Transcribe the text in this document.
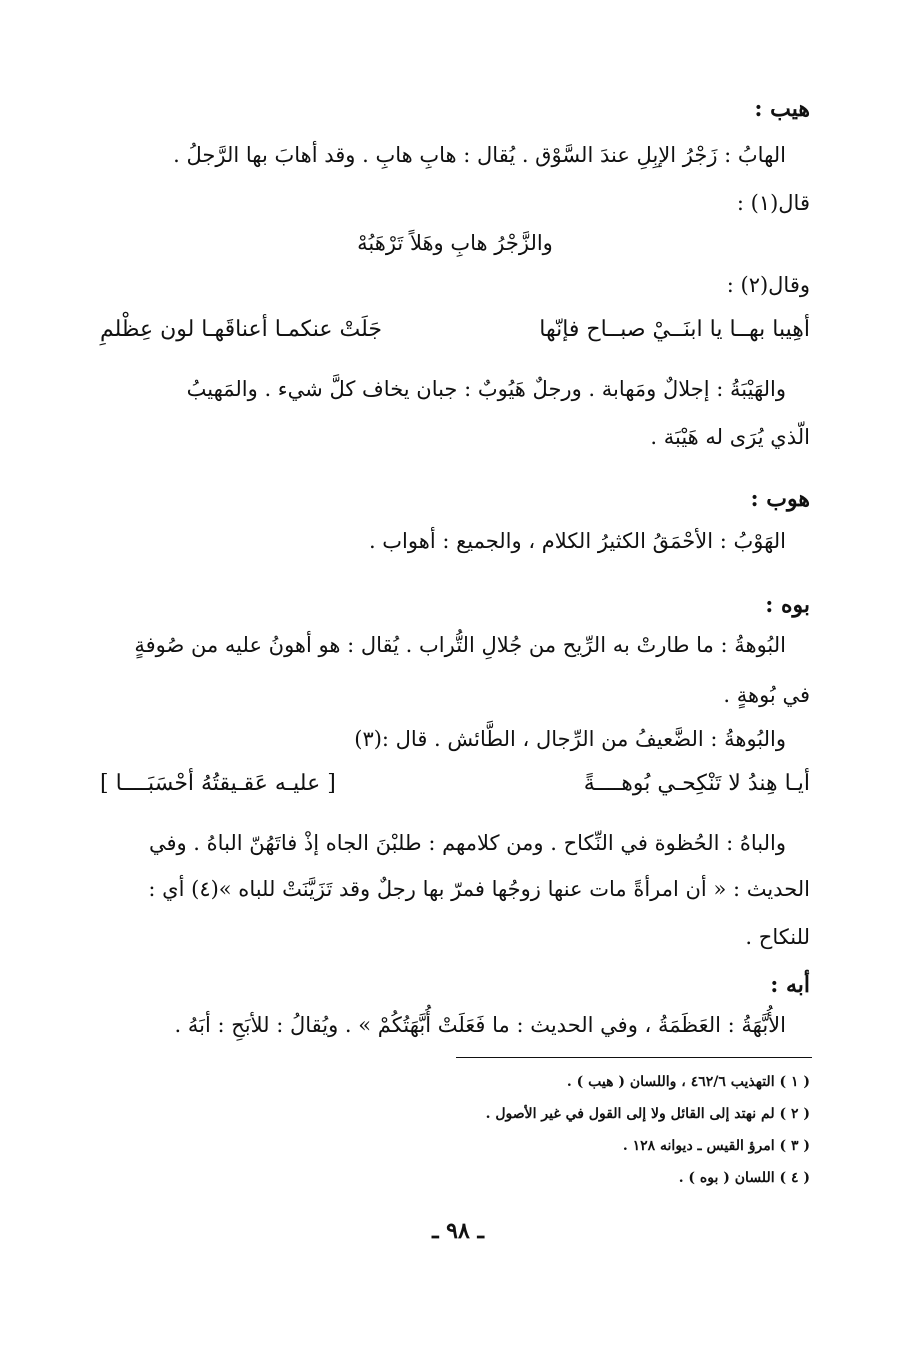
هيب :
الهابُ : زَجْرُ الإبِلِ عندَ السَّوْق . يُقال : هابِ هابِ . وقد أهابَ بها الرَّجلُ .
قال(١) :
والزَّجْرُ هابِ وهَلاً تَرْهَبُهْ
وقال(٢) :
أهِيبا بهــا يا ابنَــيْ صبــاح فإنّها
جَلَتْ عنكمـا أعناقَهـا لون عِظْلمِ
والهَيْبَةُ : إجلالٌ ومَهابة . ورجلٌ هَيُوبٌ : جبان يخاف كلَّ شيء . والمَهيبُ
الّذي يُرَى له هَيْبَة .
هوب :
الهَوْبُ : الأحْمَقُ الكثيرُ الكلام ، والجميع : أهواب .
بوه :
البُوهةُ : ما طارتْ به الرِّيح من جُلالِ التُّراب . يُقال : هو أهونُ عليه من صُوفةٍ
في بُوهةٍ .
والبُوهةُ : الضَّعيفُ من الرِّجال ، الطَّائش . قال :(٣)
أيـا هِندُ لا تَنْكِحـي بُوهــــةً
[ عليـه عَقـيقتُهُ أحْسَبَــــا ]
والباهُ : الحُظوة في النِّكاح . ومن كلامهم : طلبْنَ الجاه إذْ فاتَهُنّ الباهُ . وفي
الحديث : « أن امرأةً مات عنها زوجُها فمرّ بها رجلٌ وقد تَزَيَّنَتْ للباه »(٤) أي :
للنكاح .
أبه :
الأُبَّهَةُ : العَظَمَةُ ، وفي الحديث : ما فَعَلَتْ أُبَّهَتُكُمْ » . ويُقالُ : للأبَحِ : أبَهُ .
( ١ ) التهذيب ٤٦٢/٦ ، واللسان ( هيب ) .
( ٢ ) لم نهتد إلى القائل ولا إلى القول في غير الأصول .
( ٣ ) امرؤ القيس ـ ديوانه ١٢٨ .
( ٤ ) اللسان ( بوه ) .
ـ ٩٨ ـ
